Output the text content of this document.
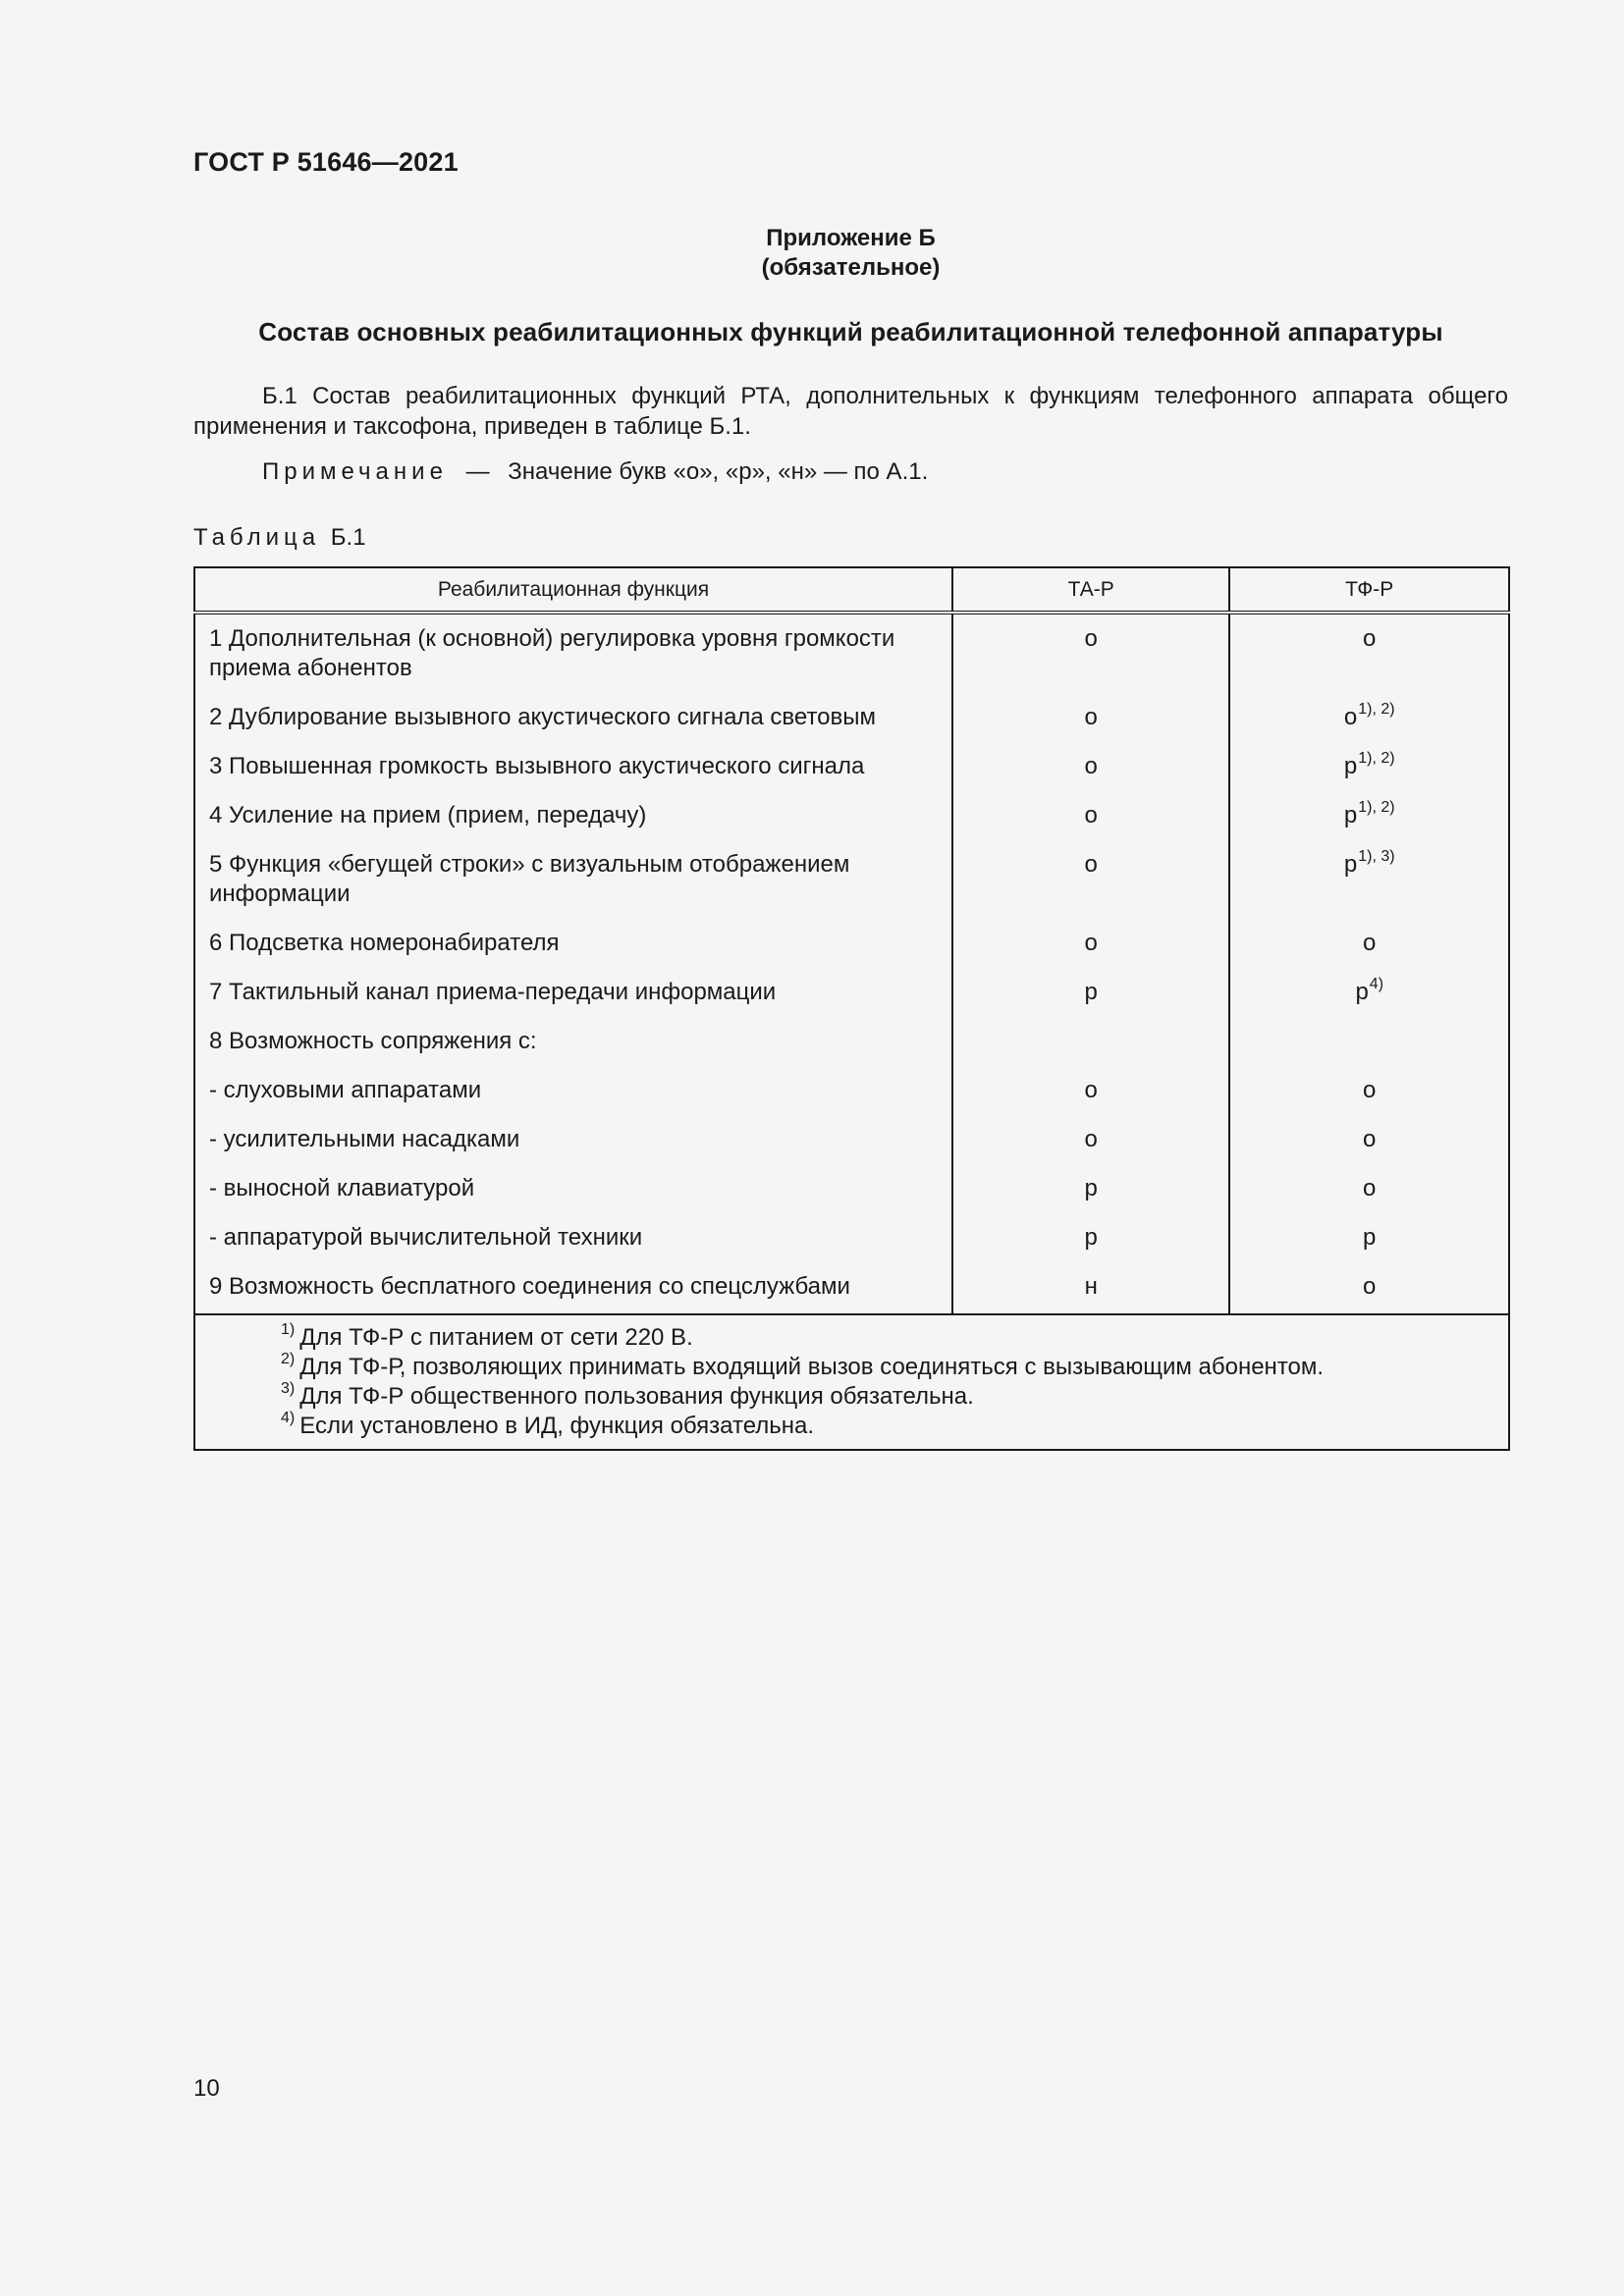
ГОСТ Р 51646—2021
Приложение Б
(обязательное)
Состав основных реабилитационных функций реабилитационной телефонной аппаратуры
Б.1 Состав реабилитационных функций РТА, дополнительных к функциям телефонного аппарата общего применения и таксофона, приведен в таблице Б.1.
Примечание — Значение букв «о», «р», «н» — по А.1.
Таблица Б.1
Реабилитационная функция	ТА-Р	ТФ-Р
1 Дополнительная (к основной) регулировка уровня громкости приема абонентов	о	о
2 Дублирование вызывного акустического сигнала световым	о	$о^{1), 2)}$
3 Повышенная громкость вызывного акустического сигнала	о	$р^{1), 2)}$
4 Усиление на прием (прием, передачу)	о	$р^{1), 2)}$
5 Функция «бегущей строки» с визуальным отображением информации	о	$р^{1), 3)}$
6 Подсветка номеронабирателя	о	о
7 Тактильный канал приема-передачи информации	р	$р^{4)}$
8 Возможность сопряжения с:		
- слуховыми аппаратами	о	о
- усилительными насадками	о	о
- выносной клавиатурой	р	о
- аппаратурой вычислительной техники	р	р
9 Возможность бесплатного соединения со спецслужбами	н	о

$^{1)}$ Для ТФ-Р с питанием от сети 220 В.
$^{2)}$ Для ТФ-Р, позволяющих принимать входящий вызов соединяться с вызывающим абонентом.
$^{3)}$ Для ТФ-Р общественного пользования функция обязательна.
$^{4)}$ Если установлено в ИД, функция обязательна.		
10
